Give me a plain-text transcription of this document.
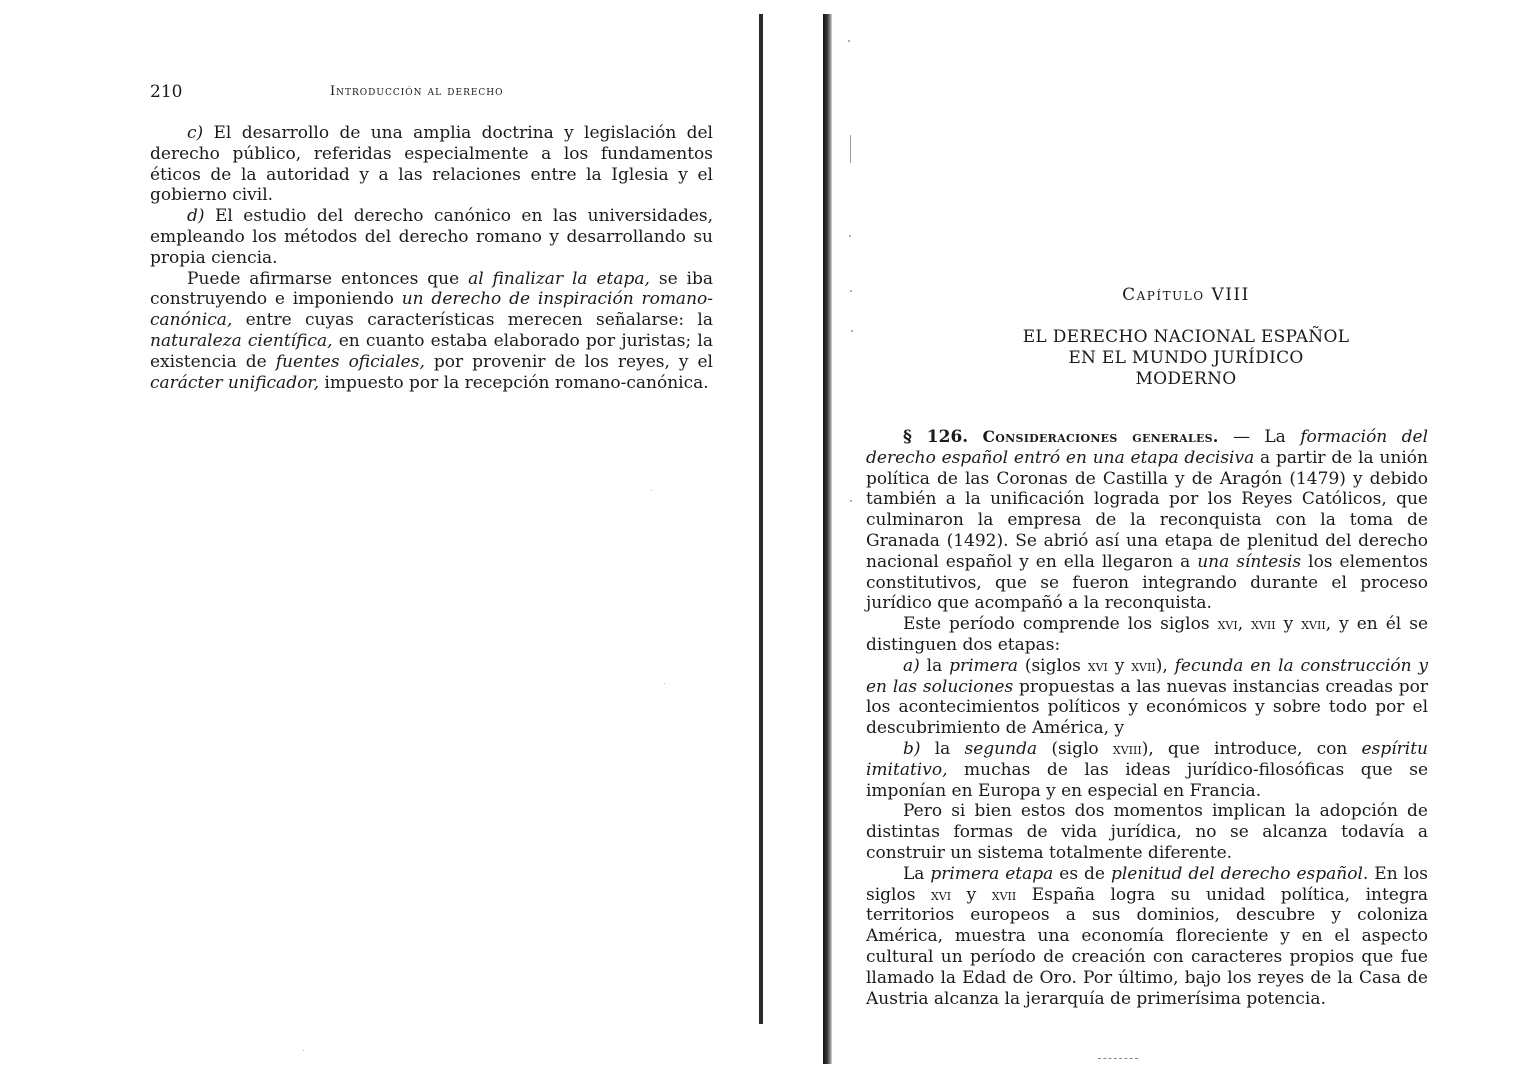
210	Introducción al derecho

c) El desarrollo de una amplia doctrina y legislación del derecho público, referidas especialmente a los fundamentos éticos de la autoridad y a las relaciones entre la Iglesia y el gobierno civil.

d) El estudio del derecho canónico en las universidades, empleando los métodos del derecho romano y desarrollando su propia ciencia.

Puede afirmarse entonces que al finalizar la etapa, se iba construyendo e imponiendo un derecho de inspiración romano-canónica, entre cuyas características merecen señalarse: la naturaleza científica, en cuanto estaba elaborado por juristas; la existencia de fuentes oficiales, por provenir de los reyes, y el carácter unificador, impuesto por la recepción romano-canónica.

Capítulo VIII
EL DERECHO NACIONAL ESPAÑOL
EN EL MUNDO JURÍDICO
MODERNO

§ 126. Consideraciones generales. — La formación del derecho español entró en una etapa decisiva a partir de la unión política de las Coronas de Castilla y de Aragón (1479) y debido también a la unificación lograda por los Reyes Católicos, que culminaron la empresa de la reconquista con la toma de Granada (1492). Se abrió así una etapa de plenitud del derecho nacional español y en ella llegaron a una síntesis los elementos constitutivos, que se fueron integrando durante el proceso jurídico que acompañó a la reconquista.

Este período comprende los siglos xvi, xvii y xvii, y en él se distinguen dos etapas:

a) la primera (siglos xvi y xvii), fecunda en la construcción y en las soluciones propuestas a las nuevas instancias creadas por los acontecimientos políticos y económicos y sobre todo por el descubrimiento de América, y

b) la segunda (siglo xviii), que introduce, con espíritu imitativo, muchas de las ideas jurídico-filosóficas que se imponían en Europa y en especial en Francia.

Pero si bien estos dos momentos implican la adopción de distintas formas de vida jurídica, no se alcanza todavía a construir un sistema totalmente diferente.

La primera etapa es de plenitud del derecho español. En los siglos xvi y xvii España logra su unidad política, integra territorios europeos a sus dominios, descubre y coloniza América, muestra una economía floreciente y en el aspecto cultural un período de creación con caracteres propios que fue llamado la Edad de Oro. Por último, bajo los reyes de la Casa de Austria alcanza la jerarquía de primerísima potencia.
